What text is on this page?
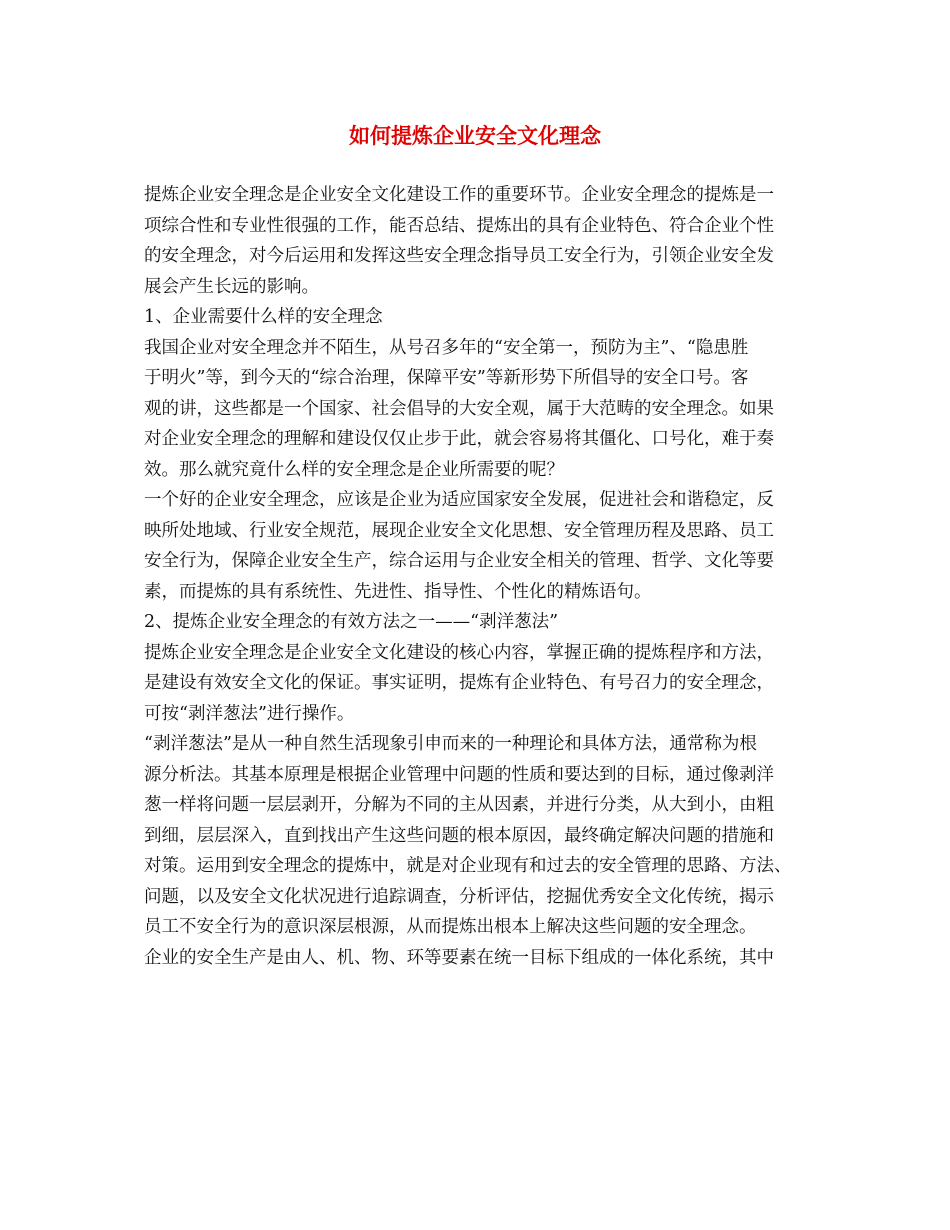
如何提炼企业安全文化理念

提炼企业安全理念是企业安全文化建设工作的重要环节。企业安全理念的提炼是一

项综合性和专业性很强的工作，能否总结、提炼出的具有企业特色、符合企业个性

的安全理念，对今后运用和发挥这些安全理念指导员工安全行为，引领企业安全发

展会产生长远的影响。

1、企业需要什么样的安全理念

我国企业对安全理念并不陌生，从号召多年的“安全第一，预防为主”、“隐患胜

于明火”等，到今天的“综合治理，保障平安”等新形势下所倡导的安全口号。客

观的讲，这些都是一个国家、社会倡导的大安全观，属于大范畴的安全理念。如果

对企业安全理念的理解和建设仅仅止步于此，就会容易将其僵化、口号化，难于奏

效。那么就究竟什么样的安全理念是企业所需要的呢？

一个好的企业安全理念，应该是企业为适应国家安全发展，促进社会和谐稳定，反

映所处地域、行业安全规范，展现企业安全文化思想、安全管理历程及思路、员工

安全行为，保障企业安全生产，综合运用与企业安全相关的管理、哲学、文化等要

素，而提炼的具有系统性、先进性、指导性、个性化的精炼语句。

2、提炼企业安全理念的有效方法之一——“剥洋葱法”

提炼企业安全理念是企业安全文化建设的核心内容，掌握正确的提炼程序和方法，

是建设有效安全文化的保证。事实证明，提炼有企业特色、有号召力的安全理念，

可按“剥洋葱法”进行操作。

“剥洋葱法”是从一种自然生活现象引申而来的一种理论和具体方法，通常称为根

源分析法。其基本原理是根据企业管理中问题的性质和要达到的目标，通过像剥洋

葱一样将问题一层层剥开，分解为不同的主从因素，并进行分类，从大到小，由粗

到细，层层深入，直到找出产生这些问题的根本原因，最终确定解决问题的措施和

对策。运用到安全理念的提炼中，就是对企业现有和过去的安全管理的思路、方法、

问题，以及安全文化状况进行追踪调查，分析评估，挖掘优秀安全文化传统，揭示

员工不安全行为的意识深层根源，从而提炼出根本上解决这些问题的安全理念。

企业的安全生产是由人、机、物、环等要素在统一目标下组成的一体化系统，其中
